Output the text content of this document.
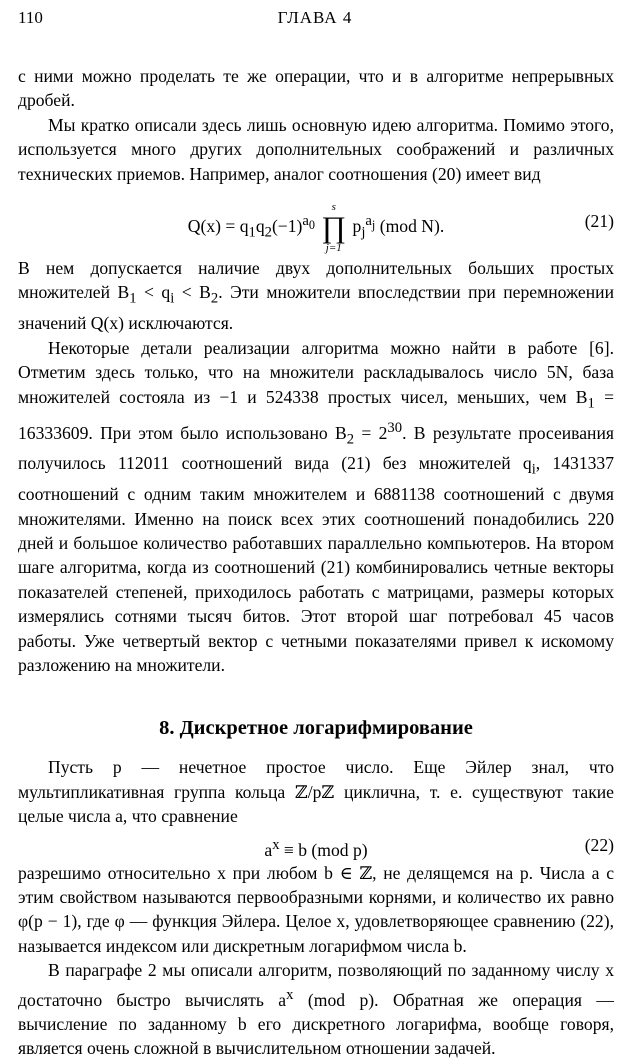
110	ГЛАВА 4

с ними можно проделать те же операции, что и в алгоритме непрерывных дробей.

Мы кратко описали здесь лишь основную идею алгоритма. Помимо этого, используется много других дополнительных соображений и различных технических приемов. Например, аналог соотношения (20) имеет вид

$Q(x) = q_1q_2(-1)^{a_0}$
s
∏
j=1
$p_j^{a_j}$ (mod N).	(21)

В нем допускается наличие двух дополнительных больших простых множителей $B_1 < q_i < B_2$. Эти множители впоследствии при перемножении значений Q(x) исключаются.

Некоторые детали реализации алгоритма можно найти в работе [6]. Отметим здесь только, что на множители раскладывалось число 5N, база множителей состояла из −1 и 524338 простых чисел, меньших, чем $B_1 = 16333609$. При этом было использовано $B_2 = 2^{30}$. В результате просеивания получилось 112011 соотношений вида (21) без множителей $q_i$, 1431337 соотношений с одним таким множителем и 6881138 соотношений с двумя множителями. Именно на поиск всех этих соотношений понадобились 220 дней и большое количество работавших параллельно компьютеров. На втором шаге алгоритма, когда из соотношений (21) комбинировались четные векторы показателей степеней, приходилось работать с матрицами, размеры которых измерялись сотнями тысяч битов. Этот второй шаг потребовал 45 часов работы. Уже четвертый вектор с четными показателями привел к искомому разложению на множители.

8. Дискретное логарифмирование

Пусть p — нечетное простое число. Еще Эйлер знал, что мультипликативная группа кольца ℤ/pℤ циклична, т. е. существуют такие целые числа a, что сравнение

$a^x \equiv b$ (mod p)	(22)

разрешимо относительно x при любом b ∈ ℤ, не делящемся на p. Числа a с этим свойством называются первообразными корнями, и количество их равно φ(p − 1), где φ — функция Эйлера. Целое x, удовлетворяющее сравнению (22), называется индексом или дискретным логарифмом числа b.

В параграфе 2 мы описали алгоритм, позволяющий по заданному числу x достаточно быстро вычислять $a^x$ (mod p). Обратная же операция — вычисление по заданному b его дискретного логарифма, вообще говоря, является очень сложной в вычислительном отношении задачей.
